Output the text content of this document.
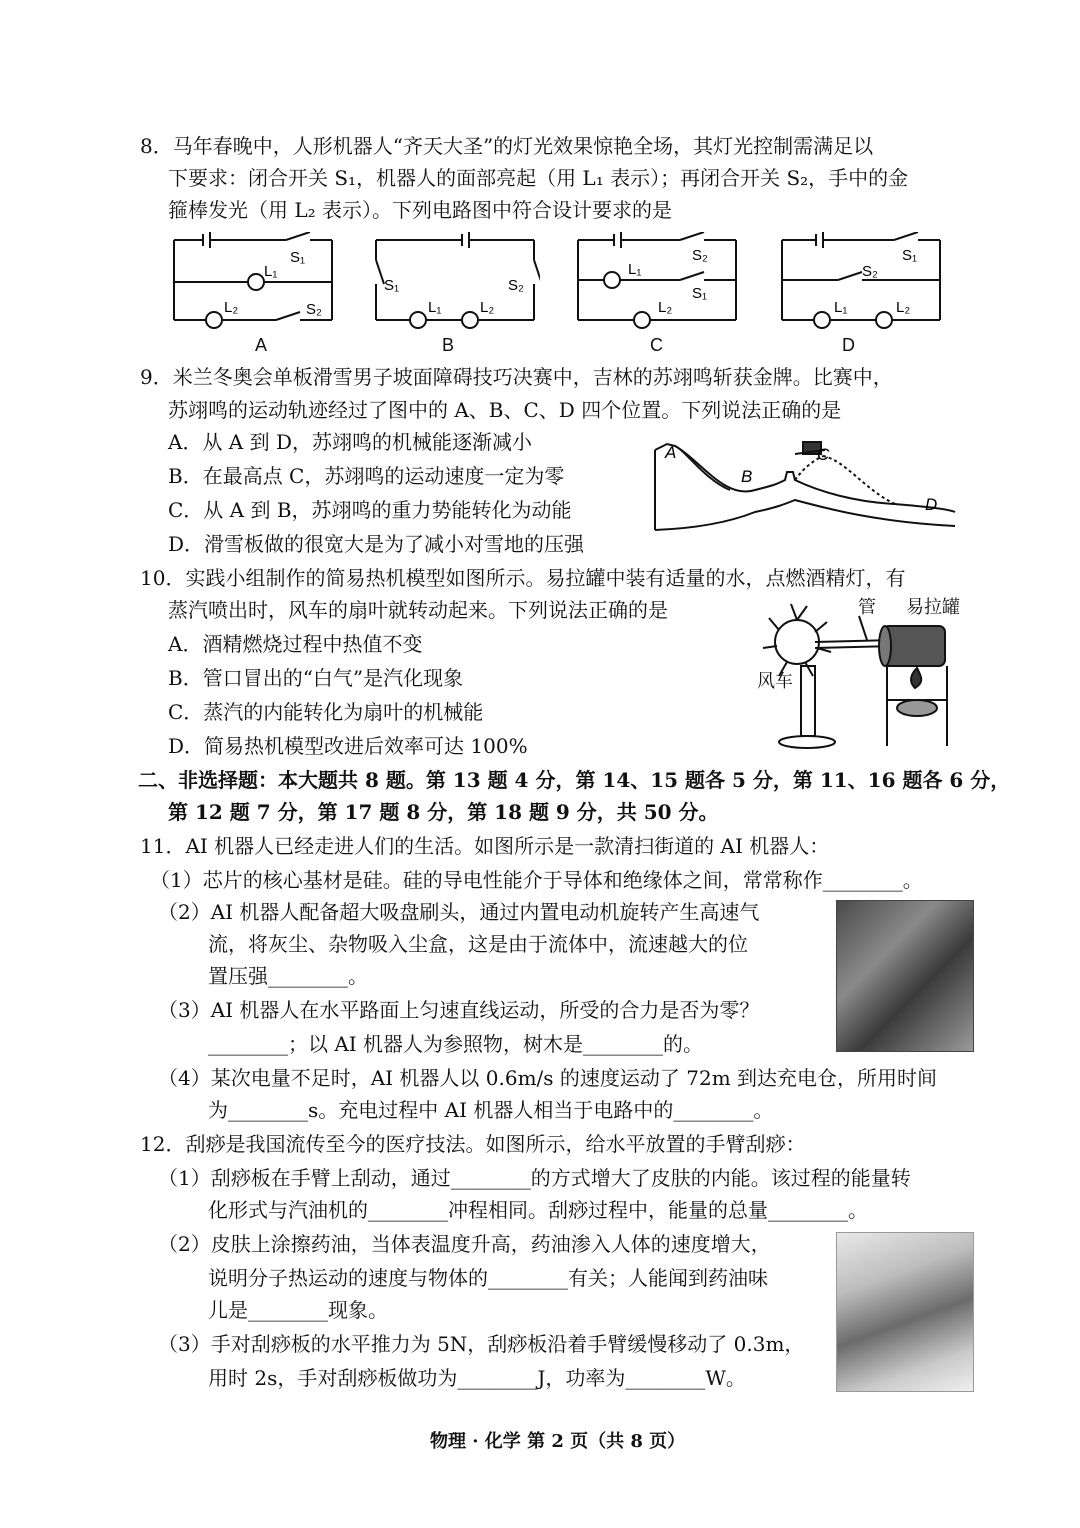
8．马年春晚中，人形机器人“齐天大圣”的灯光效果惊艳全场，其灯光控制需满足以
下要求：闭合开关 S₁，机器人的面部亮起（用 L₁ 表示）；再闭合开关 S₂，手中的金
箍棒发光（用 L₂ 表示）。下列电路图中符合设计要求的是
S₁
L₁
L₂	S₂
A
S₁	S₂
L₁	L₂
B
S₂
L₁
S₁
L₂
C
S₁
S₂
L₁	L₂
D
9．米兰冬奥会单板滑雪男子坡面障碍技巧决赛中，吉林的苏翊鸣斩获金牌。比赛中，
苏翊鸣的运动轨迹经过了图中的 A、B、C、D 四个位置。下列说法正确的是
A．从 A 到 D，苏翊鸣的机械能逐渐减小
B．在最高点 C，苏翊鸣的运动速度一定为零
C．从 A 到 B，苏翊鸣的重力势能转化为动能
D．滑雪板做的很宽大是为了减小对雪地的压强
A
B
C
D
10．实践小组制作的简易热机模型如图所示。易拉罐中装有适量的水，点燃酒精灯，有
蒸汽喷出时，风车的扇叶就转动起来。下列说法正确的是
A．酒精燃烧过程中热值不变
B．管口冒出的“白气”是汽化现象
C．蒸汽的内能转化为扇叶的机械能
D．简易热机模型改进后效率可达 100%
管 易拉罐
风车
二、非选择题：本大题共 8 题。第 13 题 4 分，第 14、15 题各 5 分，第 11、16 题各 6 分，
第 12 题 7 分，第 17 题 8 分，第 18 题 9 分，共 50 分。
11．AI 机器人已经走进人们的生活。如图所示是一款清扫街道的 AI 机器人：
（1）芯片的核心基材是硅。硅的导电性能介于导体和绝缘体之间，常常称作________。
（2）AI 机器人配备超大吸盘刷头，通过内置电动机旋转产生高速气
流，将灰尘、杂物吸入尘盒，这是由于流体中，流速越大的位
置压强________。
（3）AI 机器人在水平路面上匀速直线运动，所受的合力是否为零？
________；以 AI 机器人为参照物，树木是________的。
（4）某次电量不足时，AI 机器人以 0.6m/s 的速度运动了 72m 到达充电仓，所用时间
为________s。充电过程中 AI 机器人相当于电路中的________。
12．刮痧是我国流传至今的医疗技法。如图所示，给水平放置的手臂刮痧：
（1）刮痧板在手臂上刮动，通过________的方式增大了皮肤的内能。该过程的能量转
化形式与汽油机的________冲程相同。刮痧过程中，能量的总量________。
（2）皮肤上涂擦药油，当体表温度升高，药油渗入人体的速度增大，
说明分子热运动的速度与物体的________有关；人能闻到药油味
儿是________现象。
（3）手对刮痧板的水平推力为 5N，刮痧板沿着手臂缓慢移动了 0.3m，
用时 2s，手对刮痧板做功为________J，功率为________W。
物理 · 化学 第 2 页（共 8 页）
